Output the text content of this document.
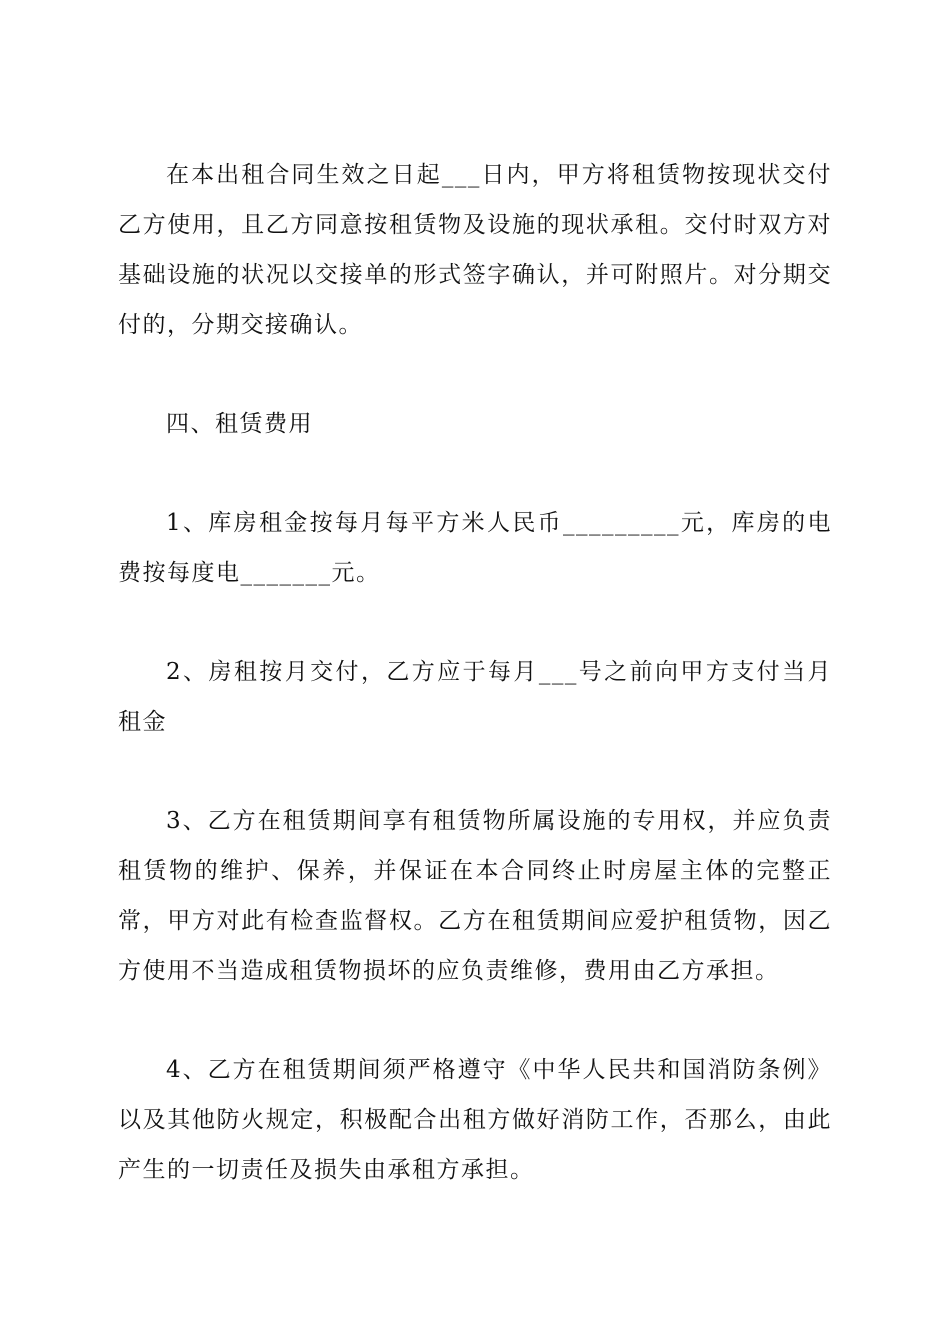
在本出租合同生效之日起___日内，甲方将租赁物按现状交付乙方使用，且乙方同意按租赁物及设施的现状承租。交付时双方对基础设施的状况以交接单的形式签字确认，并可附照片。对分期交付的，分期交接确认。

四、租赁费用

1、库房租金按每月每平方米人民币_________元，库房的电费按每度电_______元。

2、房租按月交付，乙方应于每月___号之前向甲方支付当月租金

3、乙方在租赁期间享有租赁物所属设施的专用权，并应负责租赁物的维护、保养，并保证在本合同终止时房屋主体的完整正常，甲方对此有检查监督权。乙方在租赁期间应爱护租赁物，因乙方使用不当造成租赁物损坏的应负责维修，费用由乙方承担。

4、乙方在租赁期间须严格遵守《中华人民共和国消防条例》以及其他防火规定，积极配合出租方做好消防工作，否那么，由此产生的一切责任及损失由承租方承担。
